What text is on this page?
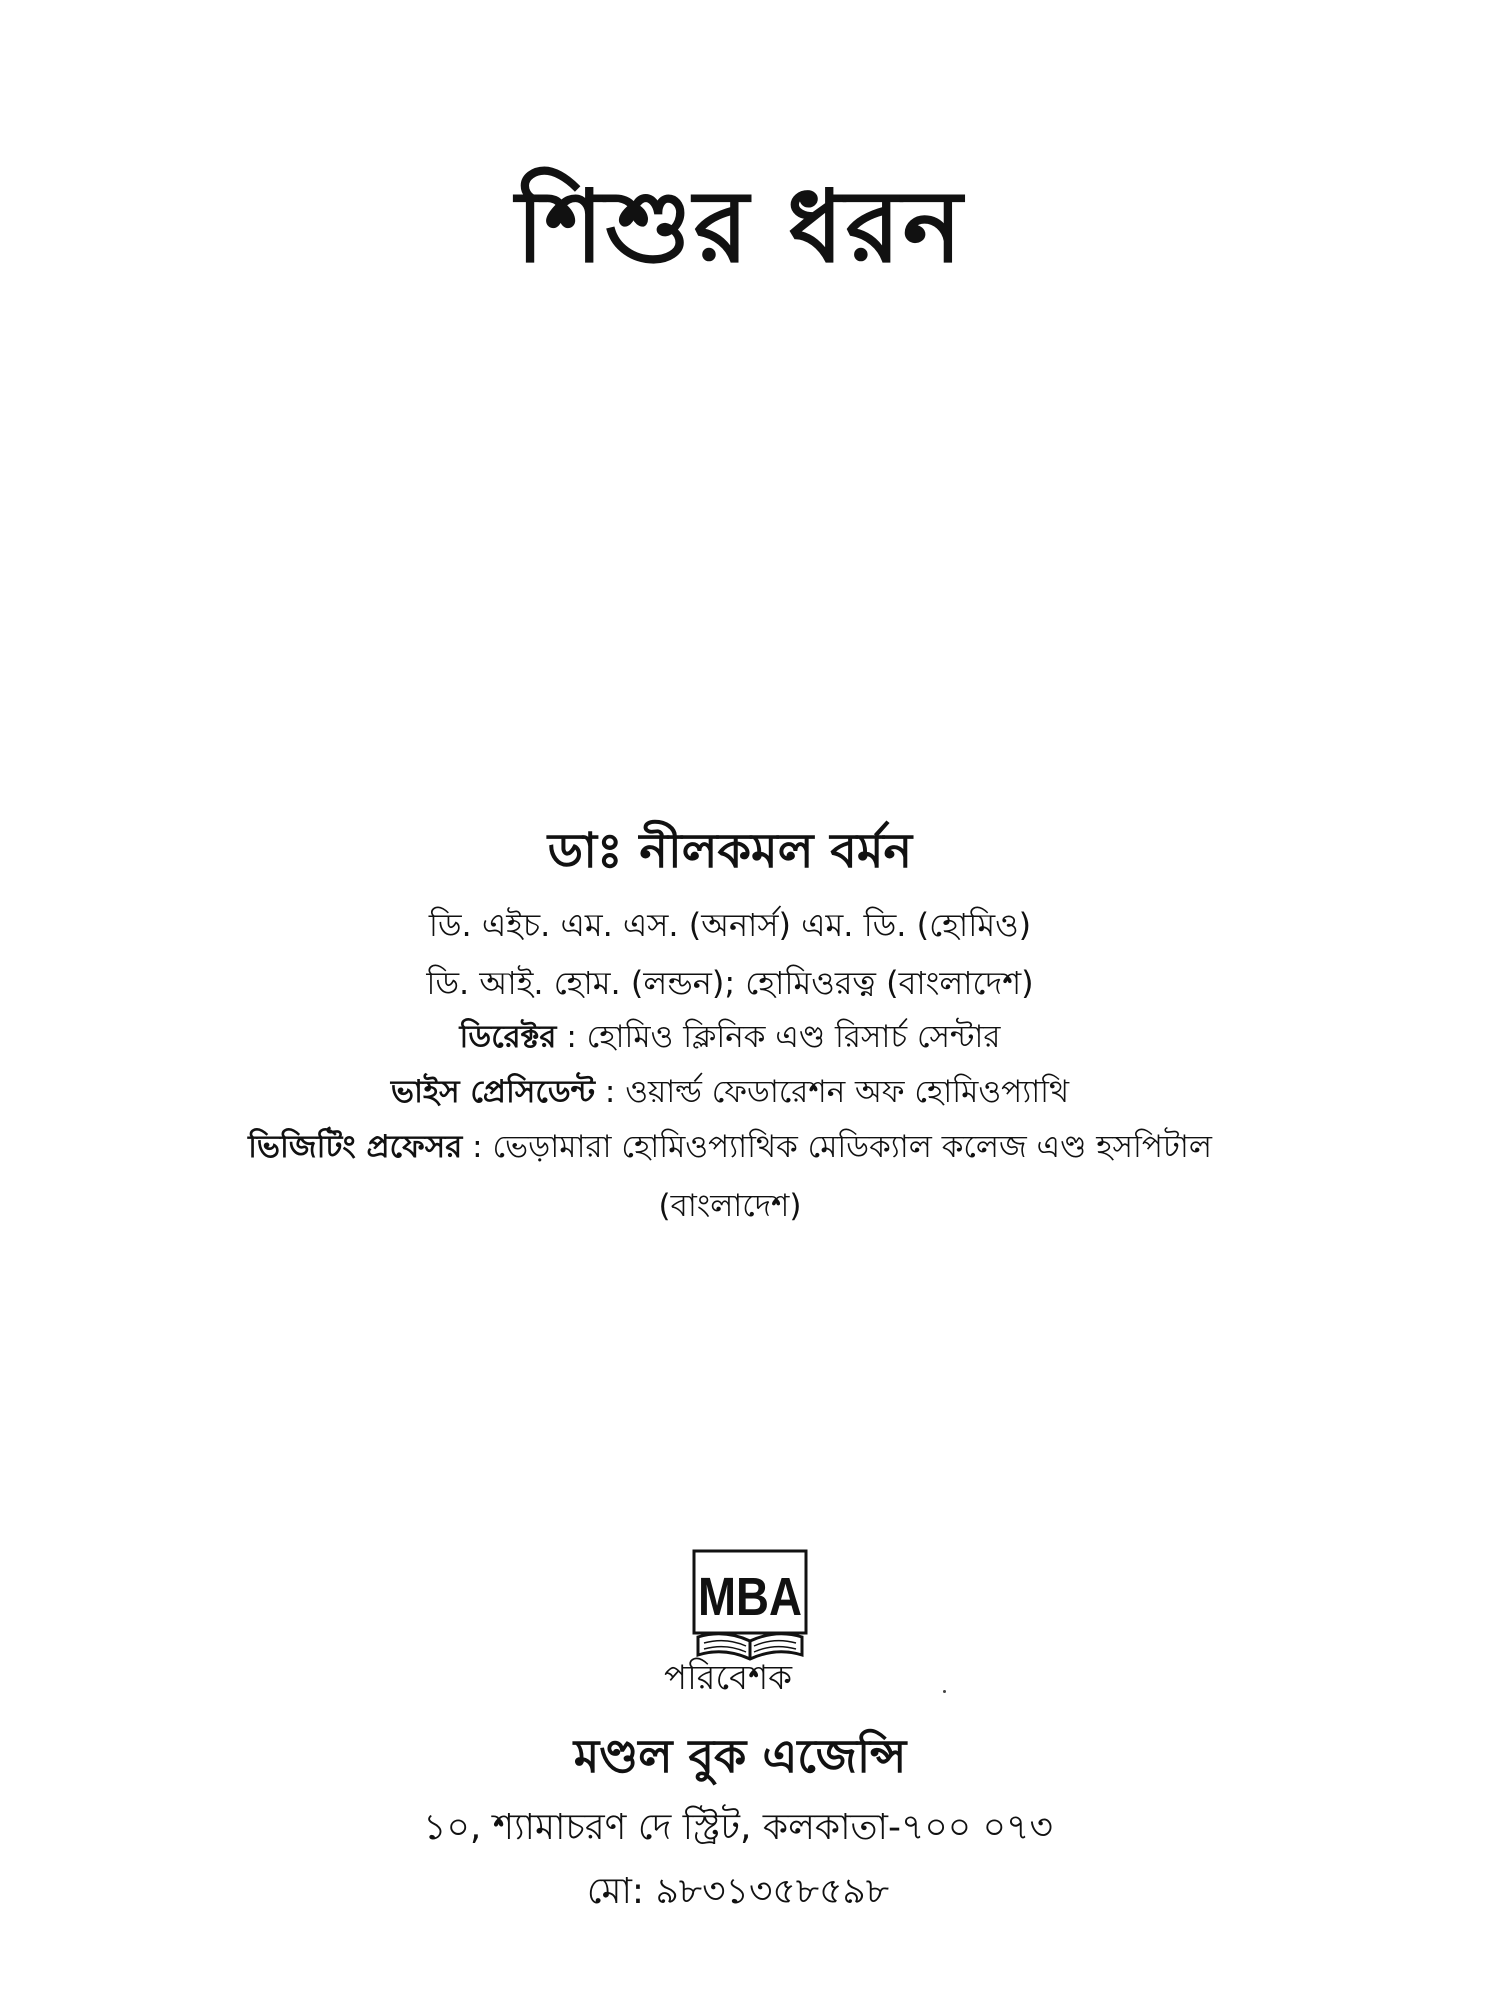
শিশুর ধরন
ডাঃ নীলকমল বর্মন
ডি. এইচ. এম. এস. (অনার্স) এম. ডি. (হোমিও)
ডি. আই. হোম. (লন্ডন); হোমিওরত্ন (বাংলাদেশ)
ডিরেক্টর : হোমিও ক্লিনিক এণ্ড রিসার্চ সেন্টার
ভাইস প্রেসিডেন্ট : ওয়ার্ল্ড ফেডারেশন অফ হোমিওপ্যাথি
ভিজিটিং প্রফেসর : ভেড়ামারা হোমিওপ্যাথিক মেডিক্যাল কলেজ এণ্ড হসপিটাল
(বাংলাদেশ)
MBA
পরিবেশক
মণ্ডল বুক এজেন্সি
১০, শ্যামাচরণ দে স্ট্রিট, কলকাতা-৭০০ ০৭৩
মো: ৯৮৩১৩৫৮৫৯৮
